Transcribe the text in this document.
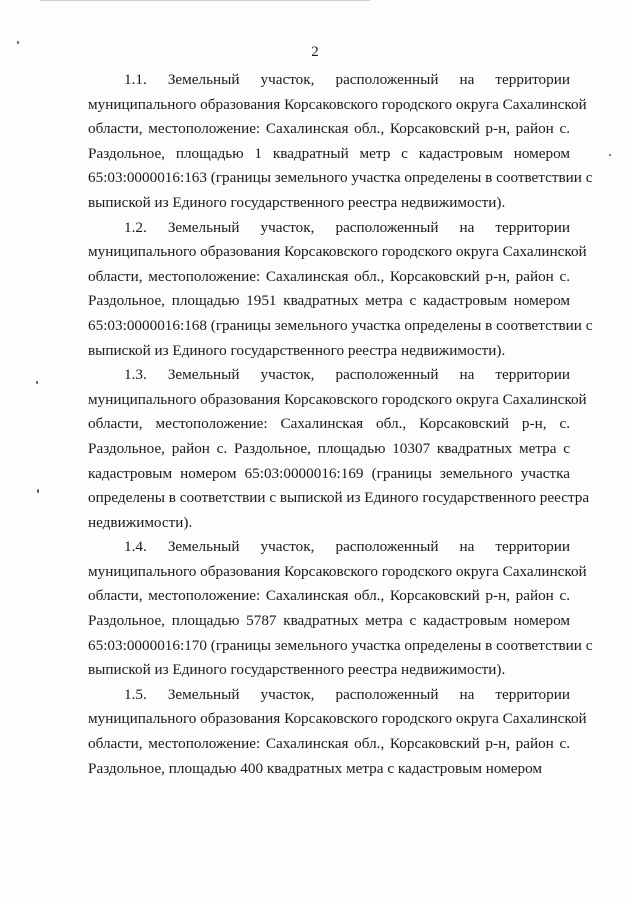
2

1.1. Земельный участок, расположенный на территории
муниципального образования Корсаковского городского округа Сахалинской
области, местоположение: Сахалинская обл., Корсаковский р-н, район с.
Раздольное, площадью 1 квадратный метр с кадастровым номером
65:03:0000016:163 (границы земельного участка определены в соответствии с
выпиской из Единого государственного реестра недвижимости).

1.2. Земельный участок, расположенный на территории
муниципального образования Корсаковского городского округа Сахалинской
области, местоположение: Сахалинская обл., Корсаковский р-н, район с.
Раздольное, площадью 1951 квадратных метра с кадастровым номером
65:03:0000016:168 (границы земельного участка определены в соответствии с
выпиской из Единого государственного реестра недвижимости).

1.3. Земельный участок, расположенный на территории
муниципального образования Корсаковского городского округа Сахалинской
области, местоположение: Сахалинская обл., Корсаковский р-н, с.
Раздольное, район с. Раздольное, площадью 10307 квадратных метра с
кадастровым номером 65:03:0000016:169 (границы земельного участка
определены в соответствии с выпиской из Единого государственного реестра
недвижимости).

1.4. Земельный участок, расположенный на территории
муниципального образования Корсаковского городского округа Сахалинской
области, местоположение: Сахалинская обл., Корсаковский р-н, район с.
Раздольное, площадью 5787 квадратных метра с кадастровым номером
65:03:0000016:170 (границы земельного участка определены в соответствии с
выпиской из Единого государственного реестра недвижимости).

1.5. Земельный участок, расположенный на территории
муниципального образования Корсаковского городского округа Сахалинской
области, местоположение: Сахалинская обл., Корсаковский р-н, район с.
Раздольное, площадью 400 квадратных метра с кадастровым номером
